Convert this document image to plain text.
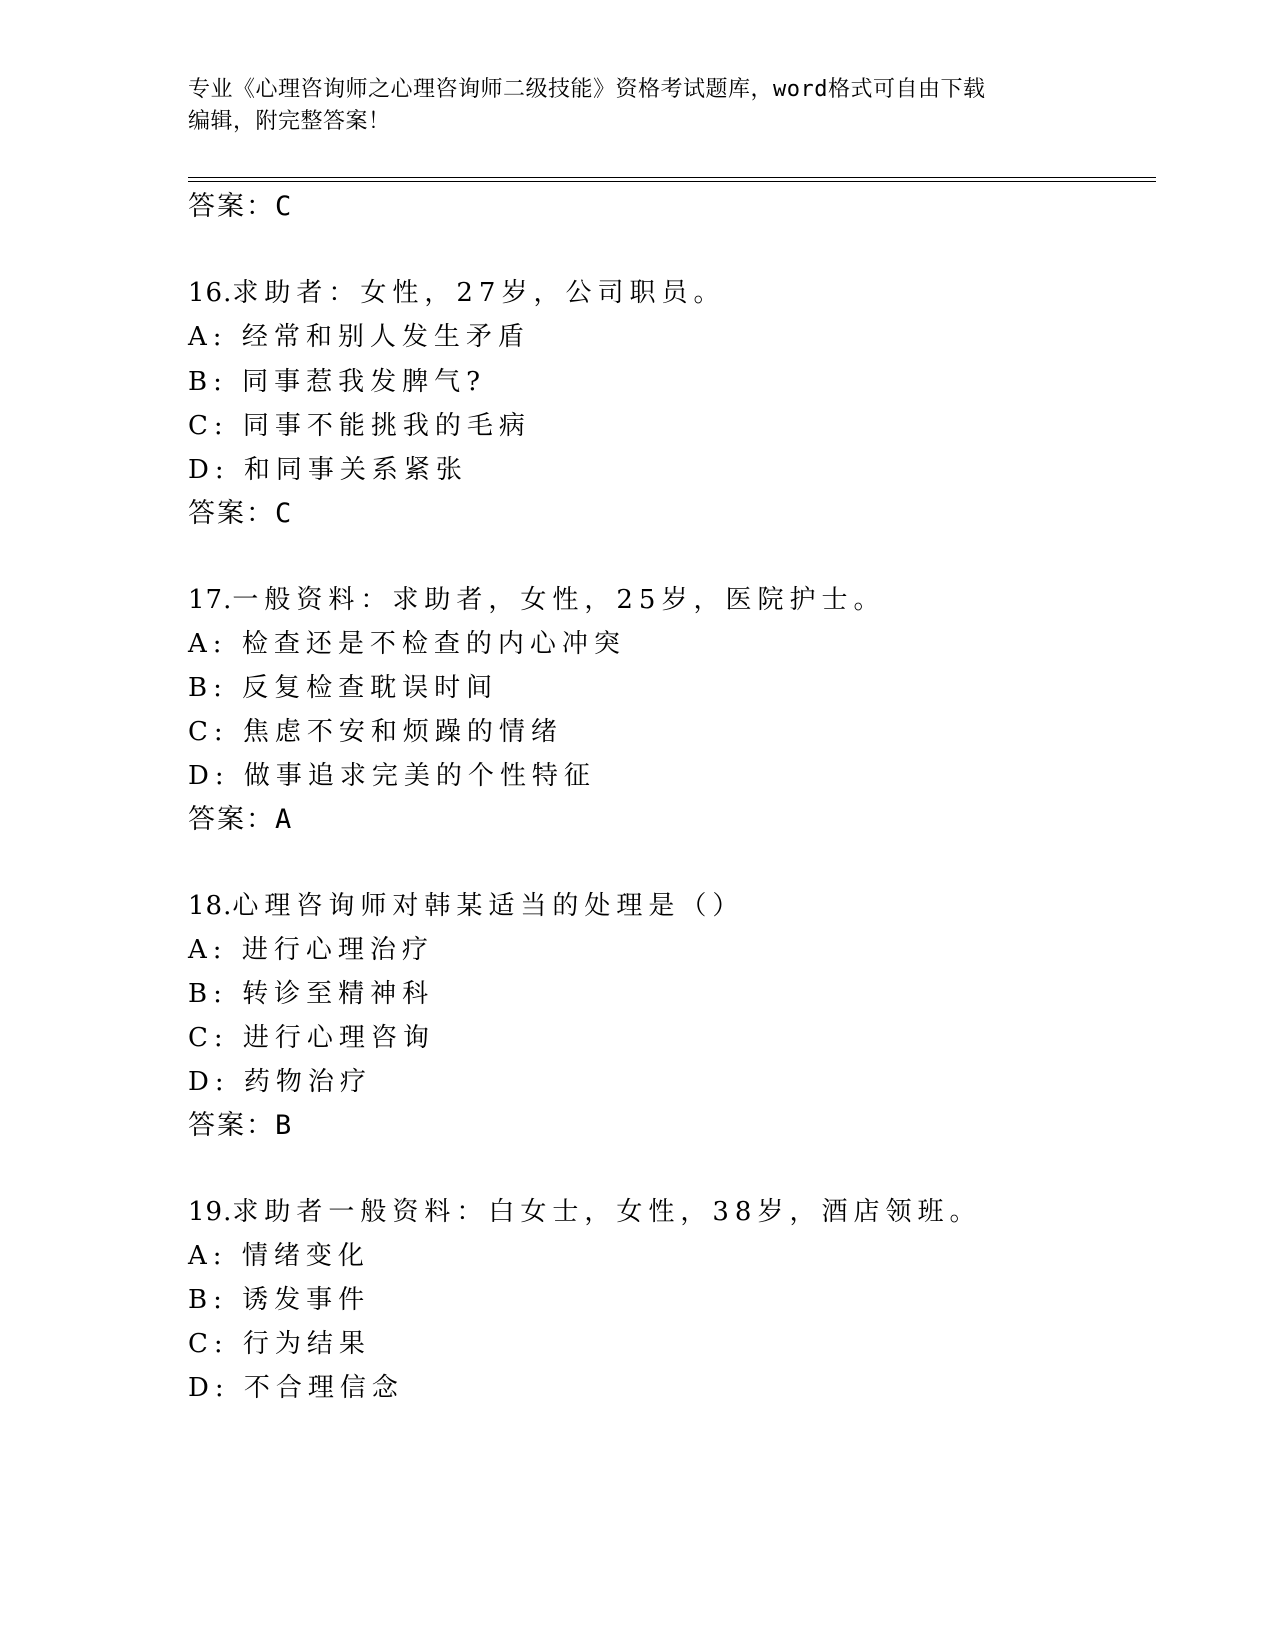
专业《心理咨询师之心理咨询师二级技能》资格考试题库，word格式可自由下载
编辑，附完整答案！
答案：C
16.求助者：女性，27岁，公司职员。
A: 经常和别人发生矛盾
B: 同事惹我发脾气?
C: 同事不能挑我的毛病
D: 和同事关系紧张
答案：C
17.一般资料：求助者，女性，25岁，医院护士。
A: 检查还是不检查的内心冲突
B: 反复检查耽误时间
C: 焦虑不安和烦躁的情绪
D: 做事追求完美的个性特征
答案：A
18.心理咨询师对韩某适当的处理是（）
A: 进行心理治疗
B: 转诊至精神科
C: 进行心理咨询
D: 药物治疗
答案：B
19.求助者一般资料：白女士，女性，38岁，酒店领班。
A: 情绪变化
B: 诱发事件
C: 行为结果
D: 不合理信念
